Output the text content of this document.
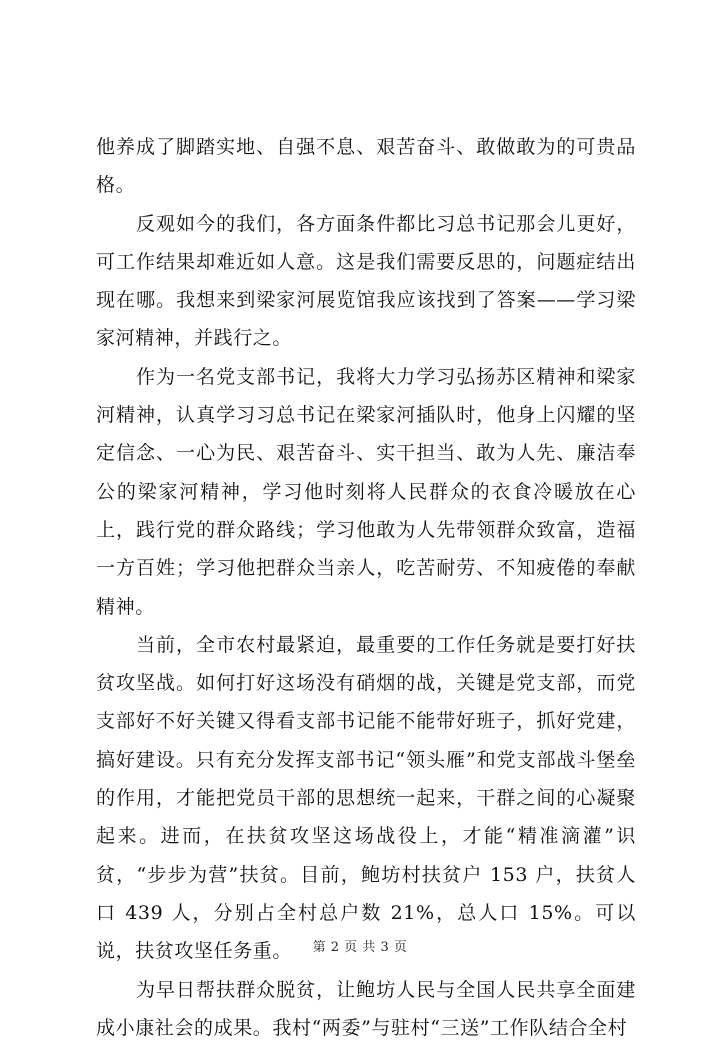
他养成了脚踏实地、自强不息、艰苦奋斗、敢做敢为的可贵品格。

反观如今的我们，各方面条件都比习总书记那会儿更好，可工作结果却难近如人意。这是我们需要反思的，问题症结出现在哪。我想来到梁家河展览馆我应该找到了答案——学习梁家河精神，并践行之。

作为一名党支部书记，我将大力学习弘扬苏区精神和梁家河精神，认真学习习总书记在梁家河插队时，他身上闪耀的坚定信念、一心为民、艰苦奋斗、实干担当、敢为人先、廉洁奉公的梁家河精神，学习他时刻将人民群众的衣食冷暖放在心上，践行党的群众路线；学习他敢为人先带领群众致富，造福一方百姓；学习他把群众当亲人，吃苦耐劳、不知疲倦的奉献精神。

当前，全市农村最紧迫，最重要的工作任务就是要打好扶贫攻坚战。如何打好这场没有硝烟的战，关键是党支部，而党支部好不好关键又得看支部书记能不能带好班子，抓好党建，搞好建设。只有充分发挥支部书记“领头雁”和党支部战斗堡垒的作用，才能把党员干部的思想统一起来，干群之间的心凝聚起来。进而，在扶贫攻坚这场战役上，才能“精准滴灌”识贫，“步步为营”扶贫。目前，鲍坊村扶贫户 153 户，扶贫人口 439 人，分别占全村总户数 21%，总人口 15%。可以说，扶贫攻坚任务重。

为早日帮扶群众脱贫，让鲍坊人民与全国人民共享全面建成小康社会的成果。我村“两委”与驻村“三送”工作队结合全村

第 2 页 共 3 页
